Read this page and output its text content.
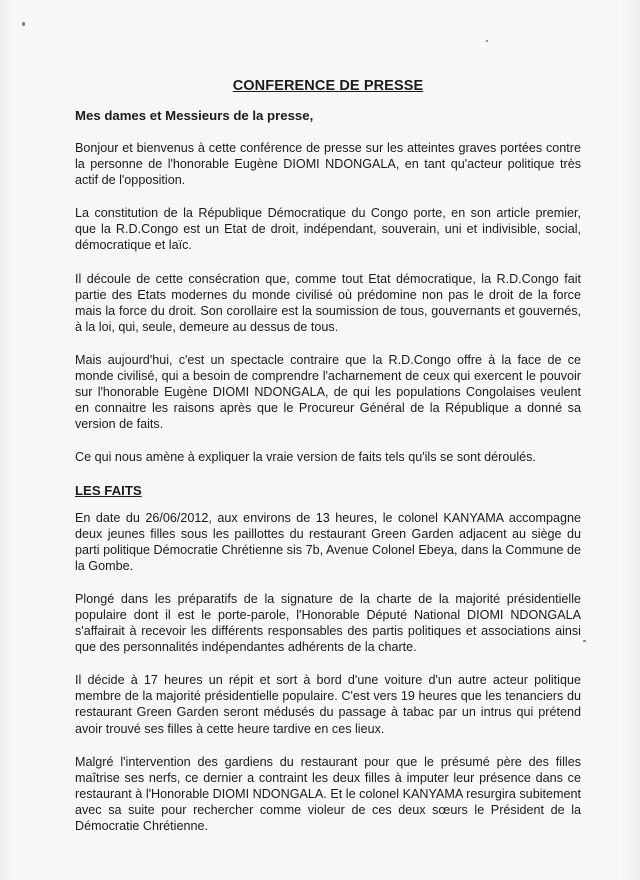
CONFERENCE DE PRESSE

Mes dames et Messieurs de la presse,

Bonjour et bienvenus à cette conférence de presse sur les atteintes graves portées contre la personne de l'honorable Eugène DIOMI NDONGALA, en tant qu'acteur politique très actif de l'opposition.

La constitution de la République Démocratique du Congo porte, en son article premier, que la R.D.Congo est un Etat de droit, indépendant, souverain, uni et indivisible, social, démocratique et laïc.

Il découle de cette consécration que, comme tout Etat démocratique, la R.D.Congo fait partie des Etats modernes du monde civilisé où prédomine non pas le droit de la force mais la force du droit. Son corollaire est la soumission de tous, gouvernants et gouvernés, à la loi, qui, seule, demeure au dessus de tous.

Mais aujourd'hui, c'est un spectacle contraire que la R.D.Congo offre à la face de ce monde civilisé, qui a besoin de comprendre l'acharnement de ceux qui exercent le pouvoir sur l'honorable Eugène DIOMI NDONGALA, de qui les populations Congolaises veulent en connaitre les raisons après que le Procureur Général de la République a donné sa version de faits.

Ce qui nous amène à expliquer la vraie version de faits tels qu'ils se sont déroulés.

LES FAITS

En date du 26/06/2012, aux environs de 13 heures, le colonel KANYAMA accompagne deux jeunes filles sous les paillottes du restaurant Green Garden adjacent au siège du parti politique Démocratie Chrétienne sis 7b, Avenue Colonel Ebeya, dans la Commune de la Gombe.

Plongé dans les préparatifs de la signature de la charte de la majorité présidentielle populaire dont il est le porte-parole, l'Honorable Député National DIOMI NDONGALA s'affairait à recevoir les différents responsables des partis politiques et associations ainsi que des personnalités indépendantes adhérents de la charte.

Il décide à 17 heures un répit et sort à bord d'une voiture d'un autre acteur politique membre de la majorité présidentielle populaire. C'est vers 19 heures que les tenanciers du restaurant Green Garden seront médusés du passage à tabac par un intrus qui prétend avoir trouvé ses filles à cette heure tardive en ces lieux.

Malgré l'intervention des gardiens du restaurant pour que le présumé père des filles maîtrise ses nerfs, ce dernier a contraint les deux filles à imputer leur présence dans ce restaurant à l'Honorable DIOMI NDONGALA. Et le colonel KANYAMA resurgira subitement avec sa suite pour rechercher comme violeur de ces deux sœurs le Président de la Démocratie Chrétienne.
